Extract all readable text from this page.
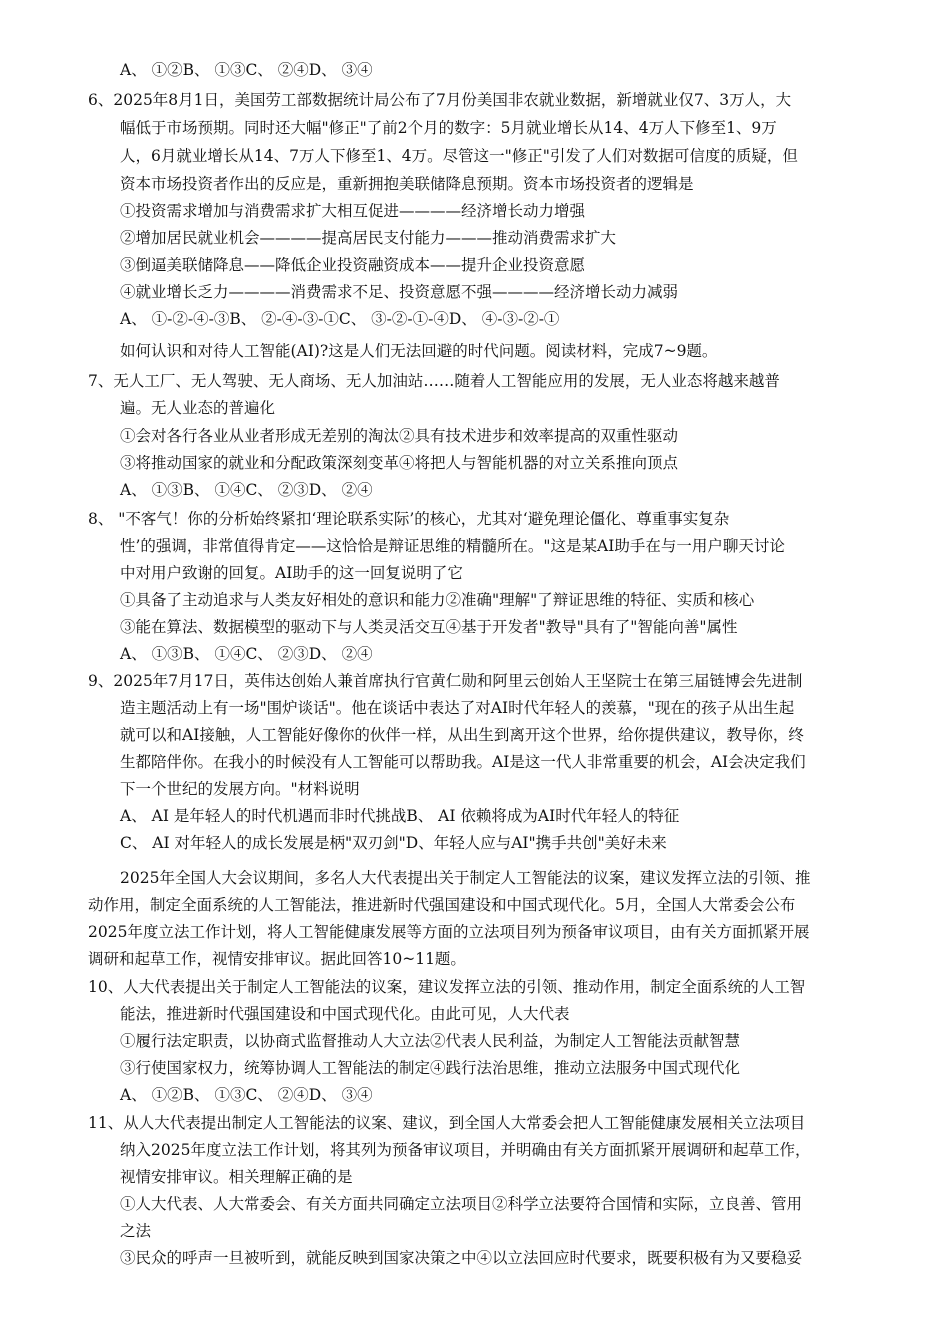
A、 ①②B、 ①③C、 ②④D、 ③④
6、2025年8月1日，美国劳工部数据统计局公布了7月份美国非农就业数据，新增就业仅7、3万人，大
幅低于市场预期。同时还大幅"修正"了前2个月的数字：5月就业增长从14、4万人下修至1、9万
人，6月就业增长从14、7万人下修至1、4万。尽管这一"修正"引发了人们对数据可信度的质疑，但
资本市场投资者作出的反应是，重新拥抱美联储降息预期。资本市场投资者的逻辑是
①投资需求增加与消费需求扩大相互促进————经济增长动力增强
②增加居民就业机会————提高居民支付能力———推动消费需求扩大
③倒逼美联储降息——降低企业投资融资成本——提升企业投资意愿
④就业增长乏力————消费需求不足、投资意愿不强————经济增长动力减弱
A、 ①-②-④-③B、 ②-④-③-①C、 ③-②-①-④D、 ④-③-②-①
如何认识和对待人工智能(AI)?这是人们无法回避的时代问题。阅读材料，完成7~9题。
7、无人工厂、无人驾驶、无人商场、无人加油站……随着人工智能应用的发展，无人业态将越来越普
遍。无人业态的普遍化
①会对各行各业从业者形成无差别的淘汰②具有技术进步和效率提高的双重性驱动
③将推动国家的就业和分配政策深刻变革④将把人与智能机器的对立关系推向顶点
A、 ①③B、 ①④C、 ②③D、 ②④
8、 "不客气！你的分析始终紧扣‘理论联系实际’的核心，尤其对‘避免理论僵化、尊重事实复杂
性’的强调，非常值得肯定——这恰恰是辩证思维的精髓所在。"这是某AI助手在与一用户聊天讨论
中对用户致谢的回复。AI助手的这一回复说明了它
①具备了主动追求与人类友好相处的意识和能力②准确"理解"了辩证思维的特征、实质和核心
③能在算法、数据模型的驱动下与人类灵活交互④基于开发者"教导"具有了"智能向善"属性
A、 ①③B、 ①④C、 ②③D、 ②④
9、2025年7月17日，英伟达创始人兼首席执行官黄仁勋和阿里云创始人王坚院士在第三届链博会先进制
造主题活动上有一场"围炉谈话"。他在谈话中表达了对AI时代年轻人的羡慕，"现在的孩子从出生起
就可以和AI接触，人工智能好像你的伙伴一样，从出生到离开这个世界，给你提供建议，教导你，终
生都陪伴你。在我小的时候没有人工智能可以帮助我。AI是这一代人非常重要的机会，AI会决定我们
下一个世纪的发展方向。"材料说明
A、 AI 是年轻人的时代机遇而非时代挑战B、 AI 依赖将成为AI时代年轻人的特征
C、 AI 对年轻人的成长发展是柄"双刃剑"D、年轻人应与AI"携手共创"美好未来
2025年全国人大会议期间，多名人大代表提出关于制定人工智能法的议案，建议发挥立法的引领、推
动作用，制定全面系统的人工智能法，推进新时代强国建设和中国式现代化。5月，全国人大常委会公布
2025年度立法工作计划，将人工智能健康发展等方面的立法项目列为预备审议项目，由有关方面抓紧开展
调研和起草工作，视情安排审议。据此回答10~11题。
10、人大代表提出关于制定人工智能法的议案，建议发挥立法的引领、推动作用，制定全面系统的人工智
能法，推进新时代强国建设和中国式现代化。由此可见，人大代表
①履行法定职责，以协商式监督推动人大立法②代表人民利益，为制定人工智能法贡献智慧
③行使国家权力，统筹协调人工智能法的制定④践行法治思维，推动立法服务中国式现代化
A、 ①②B、 ①③C、 ②④D、 ③④
11、从人大代表提出制定人工智能法的议案、建议，到全国人大常委会把人工智能健康发展相关立法项目
纳入2025年度立法工作计划，将其列为预备审议项目，并明确由有关方面抓紧开展调研和起草工作，
视情安排审议。相关理解正确的是
①人大代表、人大常委会、有关方面共同确定立法项目②科学立法要符合国情和实际，立良善、管用
之法
③民众的呼声一旦被听到，就能反映到国家决策之中④以立法回应时代要求，既要积极有为又要稳妥
